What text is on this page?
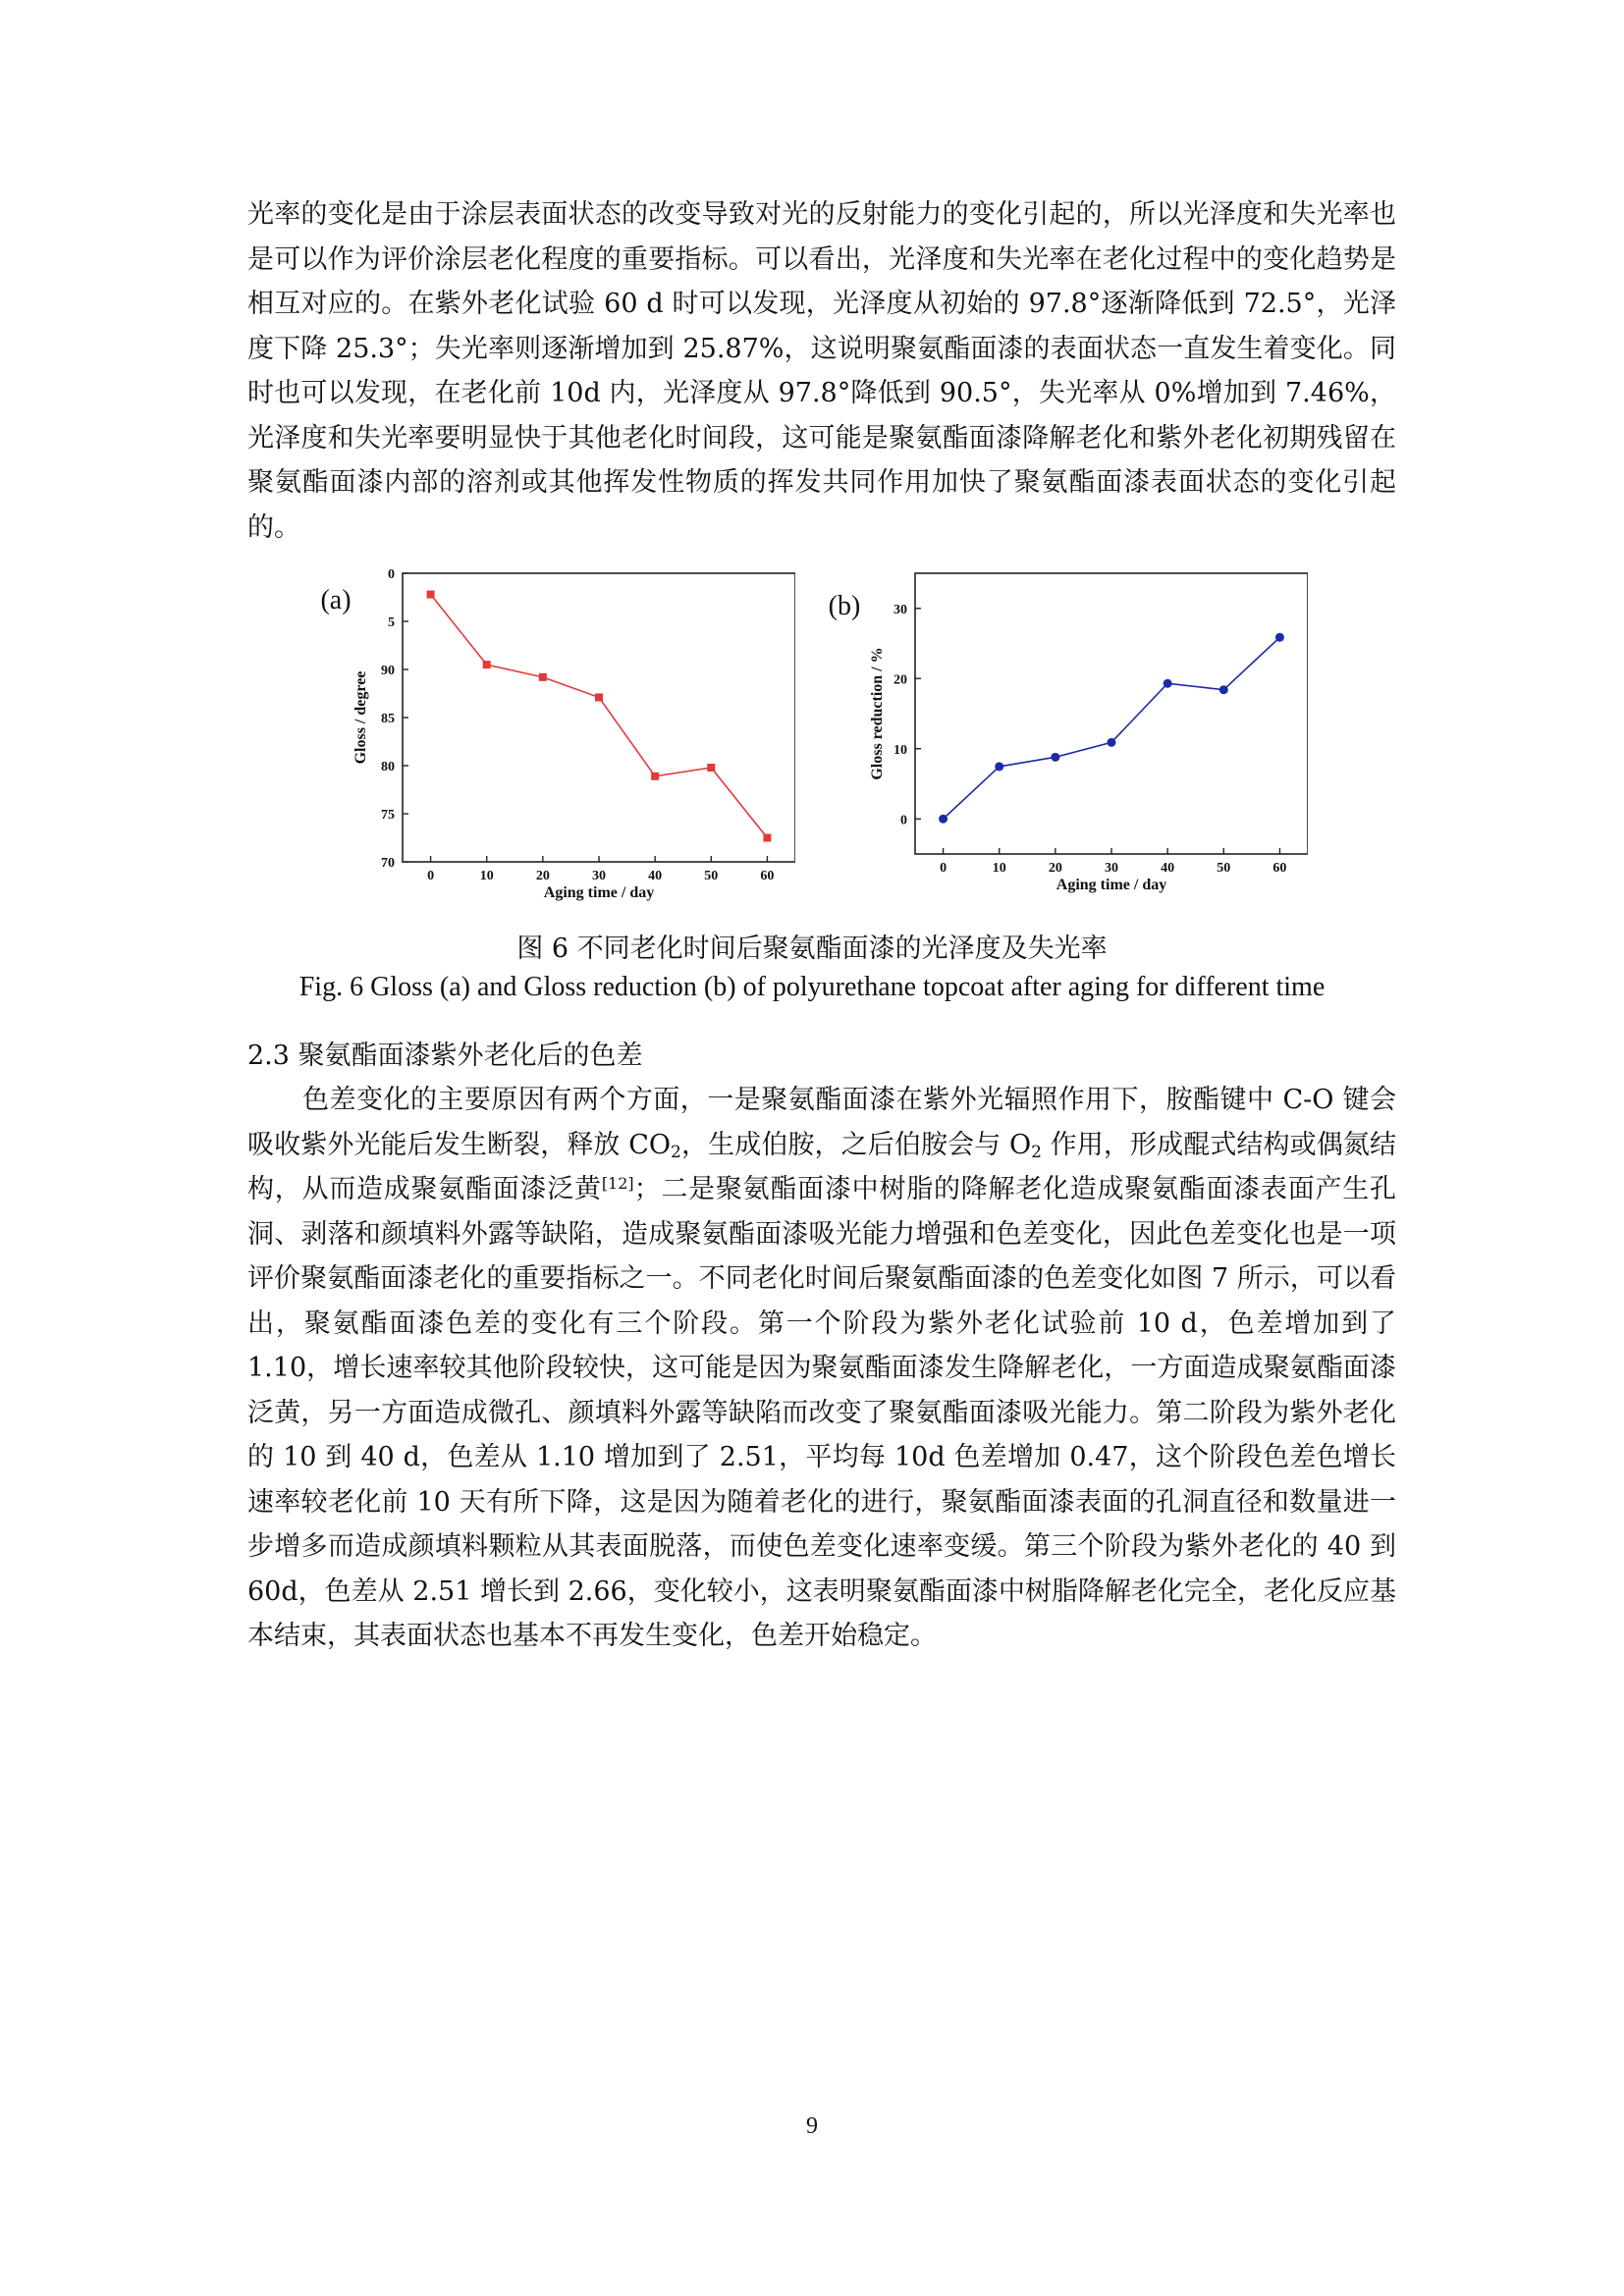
光率的变化是由于涂层表面状态的改变导致对光的反射能力的变化引起的，所以光泽度和失光率也是可以作为评价涂层老化程度的重要指标。可以看出，光泽度和失光率在老化过程中的变化趋势是相互对应的。在紫外老化试验 60 d 时可以发现，光泽度从初始的 97.8°逐渐降低到 72.5°，光泽度下降 25.3°；失光率则逐渐增加到 25.87%，这说明聚氨酯面漆的表面状态一直发生着变化。同时也可以发现，在老化前 10d 内，光泽度从 97.8°降低到 90.5°，失光率从 0%增加到 7.46%，光泽度和失光率要明显快于其他老化时间段，这可能是聚氨酯面漆降解老化和紫外老化初期残留在聚氨酯面漆内部的溶剂或其他挥发性物质的挥发共同作用加快了聚氨酯面漆表面状态的变化引起的。

0	10	20	30	40	50	60
0
5
90
85
80
75
70
Aging time / day
Gloss / degree
(a)
0	10	20	30	40	50	60
0
10
20
30
Aging time / day
Gloss reduction / %
(b)

图 6 不同老化时间后聚氨酯面漆的光泽度及失光率

Fig. 6 Gloss (a) and Gloss reduction (b) of polyurethane topcoat after aging for different time

2.3 聚氨酯面漆紫外老化后的色差

色差变化的主要原因有两个方面，一是聚氨酯面漆在紫外光辐照作用下，胺酯键中 C-O 键会吸收紫外光能后发生断裂，释放 $CO_2$，生成伯胺，之后伯胺会与 $O_2$ 作用，形成醌式结构或偶氮结构，从而造成聚氨酯面漆泛黄[12]；二是聚氨酯面漆中树脂的降解老化造成聚氨酯面漆表面产生孔洞、剥落和颜填料外露等缺陷，造成聚氨酯面漆吸光能力增强和色差变化，因此色差变化也是一项评价聚氨酯面漆老化的重要指标之一。不同老化时间后聚氨酯面漆的色差变化如图 7 所示，可以看出，聚氨酯面漆色差的变化有三个阶段。第一个阶段为紫外老化试验前 10 d，色差增加到了 1.10，增长速率较其他阶段较快，这可能是因为聚氨酯面漆发生降解老化，一方面造成聚氨酯面漆泛黄，另一方面造成微孔、颜填料外露等缺陷而改变了聚氨酯面漆吸光能力。第二阶段为紫外老化的 10 到 40 d，色差从 1.10 增加到了 2.51，平均每 10d 色差增加 0.47，这个阶段色差色增长速率较老化前 10 天有所下降，这是因为随着老化的进行，聚氨酯面漆表面的孔洞直径和数量进一步增多而造成颜填料颗粒从其表面脱落，而使色差变化速率变缓。第三个阶段为紫外老化的 40 到 60d，色差从 2.51 增长到 2.66，变化较小，这表明聚氨酯面漆中树脂降解老化完全，老化反应基本结束，其表面状态也基本不再发生变化，色差开始稳定。

9
